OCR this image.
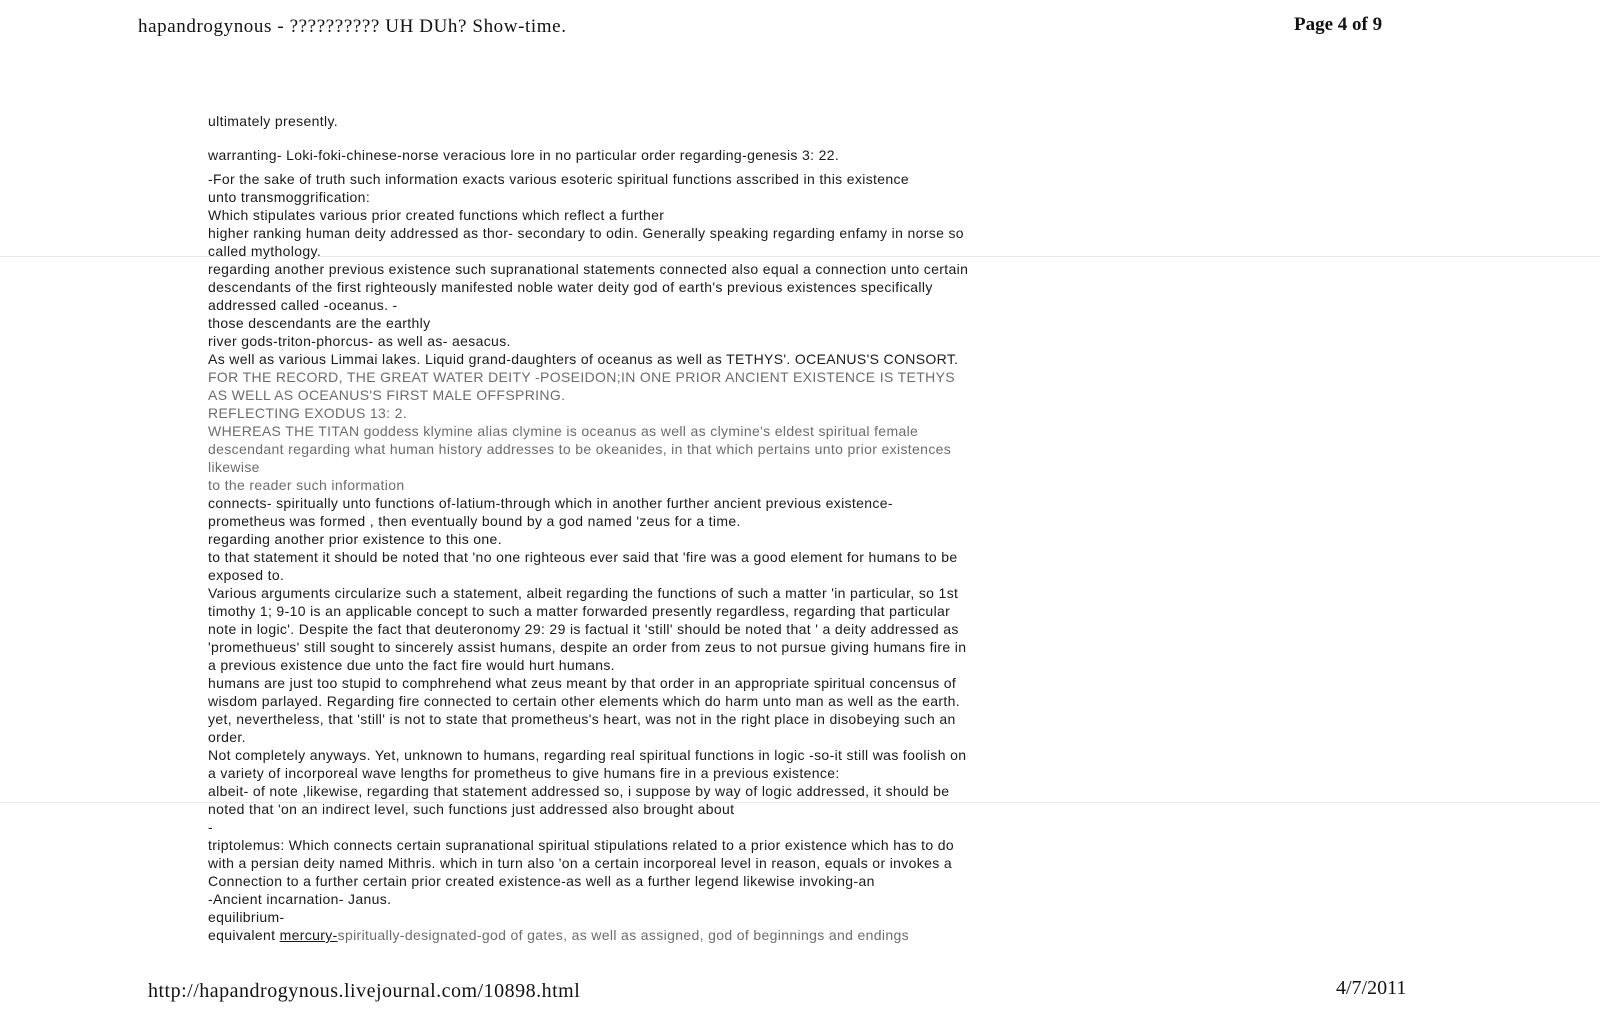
hapandrogynous - ?????????? UH DUh? Show-time.	Page 4 of 9

ultimately presently.

warranting- Loki-foki-chinese-norse veracious lore in no particular order regarding-genesis 3: 22.

-For the sake of truth such information exacts various esoteric spiritual functions asscribed in this existence

unto transmoggrification:

Which stipulates various prior created functions which reflect a further

higher ranking human deity addressed as thor- secondary to odin. Generally speaking regarding enfamy in norse so

called mythology.

regarding another previous existence such supranational statements connected also equal a connection unto certain

descendants of the first righteously manifested noble water deity god of earth's previous existences specifically

addressed called -oceanus. -

those descendants are the earthly

river gods-triton-phorcus- as well as- aesacus.

As well as various Limmai lakes. Liquid grand-daughters of oceanus as well as TETHYS'. OCEANUS'S CONSORT.

FOR THE RECORD, THE GREAT WATER DEITY -POSEIDON;IN ONE PRIOR ANCIENT EXISTENCE IS TETHYS

AS WELL AS OCEANUS'S FIRST MALE OFFSPRING.

REFLECTING EXODUS 13: 2.

WHEREAS THE TITAN goddess klymine alias clymine is oceanus as well as clymine's eldest spiritual female

descendant regarding what human history addresses to be okeanides, in that which pertains unto prior existences

likewise

to the reader such information

connects- spiritually unto functions of-latium-through which in another further ancient previous existence-

prometheus was formed , then eventually bound by a god named 'zeus for a time.

regarding another prior existence to this one.

to that statement it should be noted that 'no one righteous ever said that 'fire was a good element for humans to be

exposed to.

Various arguments circularize such a statement, albeit regarding the functions of such a matter 'in particular, so 1st

timothy 1; 9-10 is an applicable concept to such a matter forwarded presently regardless, regarding that particular

note in logic'. Despite the fact that deuteronomy 29: 29 is factual it 'still' should be noted that ' a deity addressed as

'promethueus' still sought to sincerely assist humans, despite an order from zeus to not pursue giving humans fire in

a previous existence due unto the fact fire would hurt humans.

humans are just too stupid to comphrehend what zeus meant by that order in an appropriate spiritual concensus of

wisdom parlayed. Regarding fire connected to certain other elements which do harm unto man as well as the earth.

yet, nevertheless, that 'still' is not to state that prometheus's heart, was not in the right place in disobeying such an

order.

Not completely anyways. Yet, unknown to humans, regarding real spiritual functions in logic -so-it still was foolish on

a variety of incorporeal wave lengths for prometheus to give humans fire in a previous existence:

albeit- of note ,likewise, regarding that statement addressed so, i suppose by way of logic addressed, it should be

noted that 'on an indirect level, such functions just addressed also brought about

-

triptolemus: Which connects certain supranational spiritual stipulations related to a prior existence which has to do

with a persian deity named Mithris. which in turn also 'on a certain incorporeal level in reason, equals or invokes a

Connection to a further certain prior created existence-as well as a further legend likewise invoking-an

-Ancient incarnation- Janus.

equilibrium-

equivalent mercury-spiritually-designated-god of gates, as well as assigned, god of beginnings and endings

http://hapandrogynous.livejournal.com/10898.html	4/7/2011
